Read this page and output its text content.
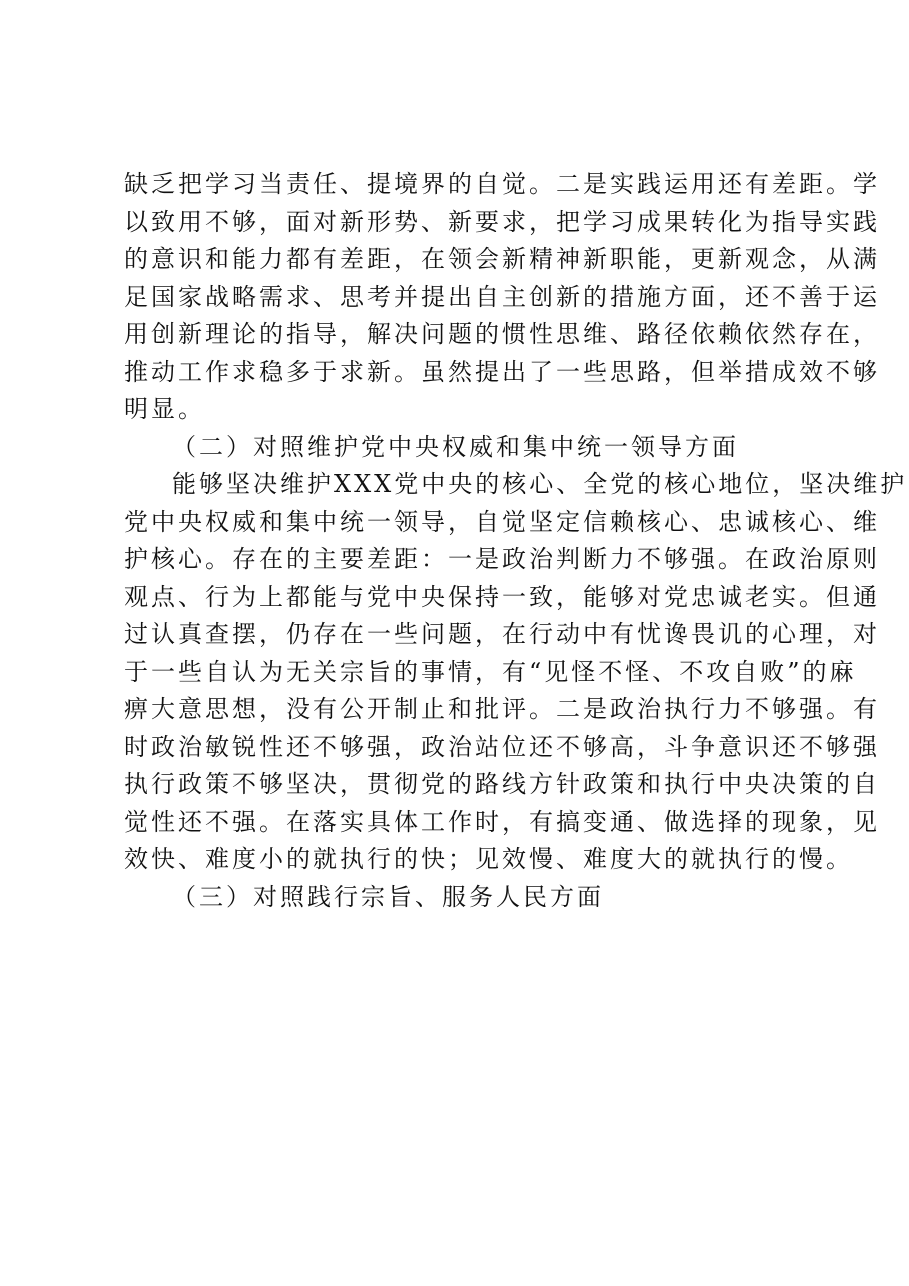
缺乏把学习当责任、提境界的自觉。二是实践运用还有差距。学
以致用不够，面对新形势、新要求，把学习成果转化为指导实践
的意识和能力都有差距，在领会新精神新职能，更新观念，从满
足国家战略需求、思考并提出自主创新的措施方面，还不善于运
用创新理论的指导，解决问题的惯性思维、路径依赖依然存在，
推动工作求稳多于求新。虽然提出了一些思路，但举措成效不够
明显。
（二）对照维护党中央权威和集中统一领导方面
能够坚决维护XXX党中央的核心、全党的核心地位，坚决维护
党中央权威和集中统一领导，自觉坚定信赖核心、忠诚核心、维
护核心。存在的主要差距：一是政治判断力不够强。在政治原则
观点、行为上都能与党中央保持一致，能够对党忠诚老实。但通
过认真查摆，仍存在一些问题，在行动中有忧谗畏讥的心理，对
于一些自认为无关宗旨的事情，有“见怪不怪、不攻自败”的麻
痹大意思想，没有公开制止和批评。二是政治执行力不够强。有
时政治敏锐性还不够强，政治站位还不够高，斗争意识还不够强
执行政策不够坚决，贯彻党的路线方针政策和执行中央决策的自
觉性还不强。在落实具体工作时，有搞变通、做选择的现象，见
效快、难度小的就执行的快；见效慢、难度大的就执行的慢。
（三）对照践行宗旨、服务人民方面
